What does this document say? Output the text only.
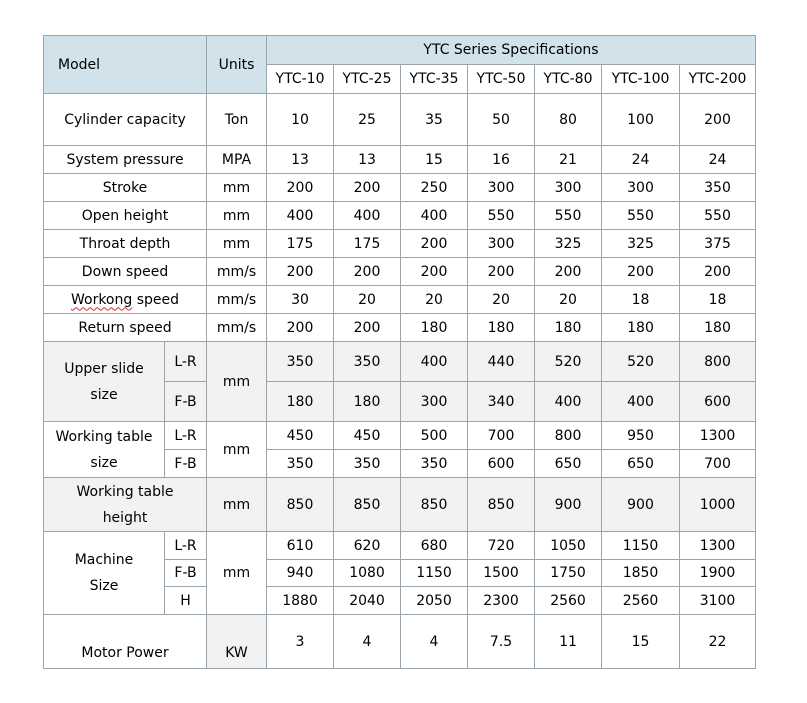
Model		Units	YTC Series Specifications						
			YTC-10	YTC-25	YTC-35	YTC-50	YTC-80	YTC-100	YTC-200
Cylinder capacity		Ton	10	25	35	50	80	100	200
System pressure		MPA	13	13	15	16	21	24	24
Stroke		mm	200	200	250	300	300	300	350
Open height		mm	400	400	400	550	550	550	550
Throat depth		mm	175	175	200	300	325	325	375
Down speed		mm/s	200	200	200	200	200	200	200
Workong speed		mm/s	30	20	20	20	20	18	18
Return speed		mm/s	200	200	180	180	180	180	180

Upper slide
size	L-R	mm	350	350	400	440	520	520	800
	F-B		180	180	300	340	400	400	600

Working table
size	L-R	mm	450	450	500	700	800	950	1300
	F-B		350	350	350	600	650	650	700

Working table
height		mm	850	850	850	850	900	900	1000

Machine
Size	L-R	mm	610	620	680	720	1050	1150	1300
	F-B		940	1080	1150	1500	1750	1850	1900
	H		1880	2040	2050	2300	2560	2560	3100
Motor Power		KW	3	4	4	7.5	11	15	22
